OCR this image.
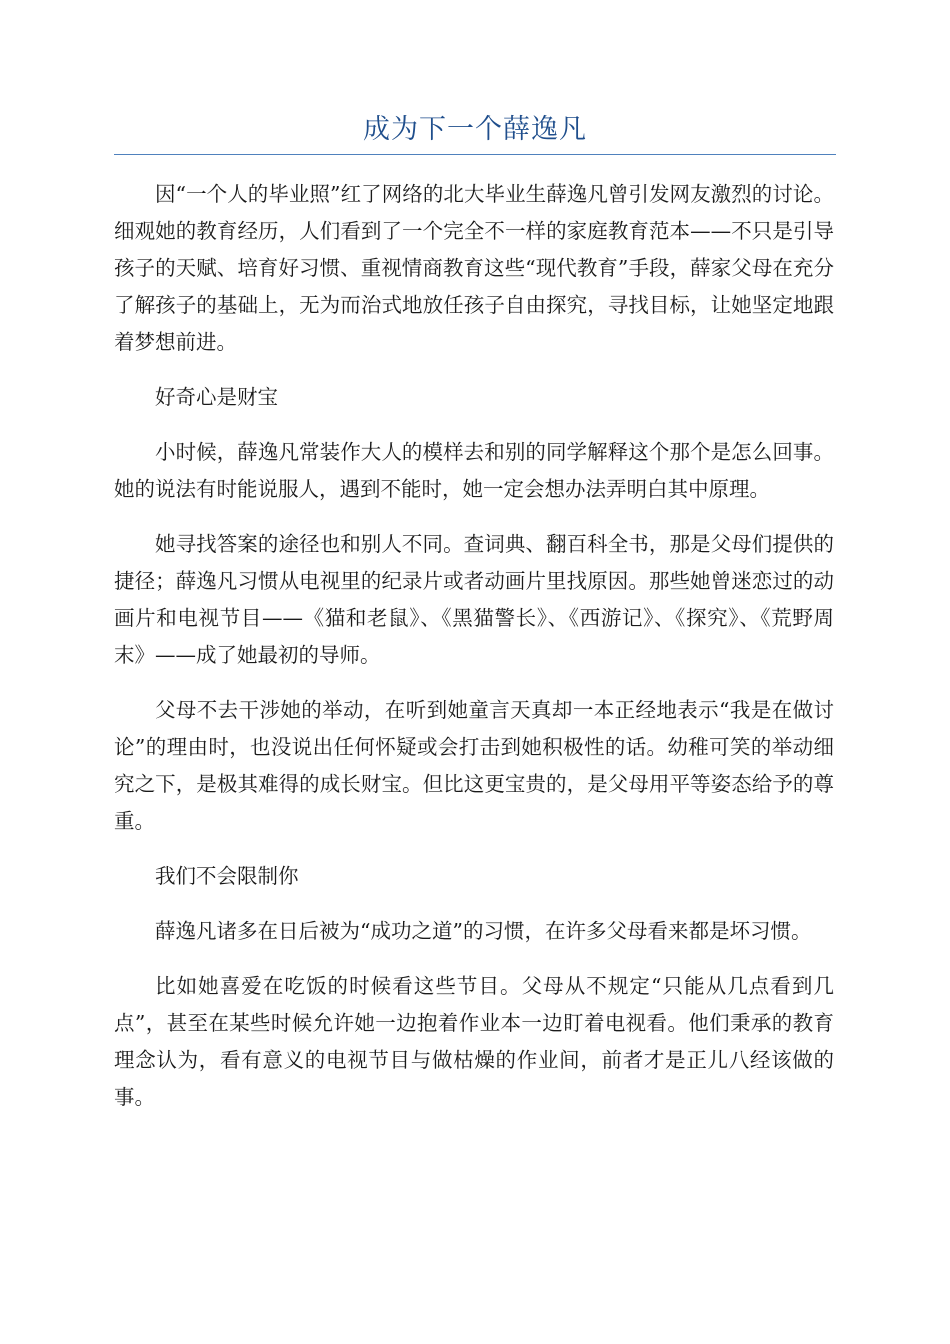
成为下一个薛逸凡

因“一个人的毕业照”红了网络的北大毕业生薛逸凡曾引发网友激烈的讨论。细观她的教育经历，人们看到了一个完全不一样的家庭教育范本——不只是引导孩子的天赋、培育好习惯、重视情商教育这些“现代教育”手段，薛家父母在充分了解孩子的基础上，无为而治式地放任孩子自由探究，寻找目标，让她坚定地跟着梦想前进。

好奇心是财宝

小时候，薛逸凡常装作大人的模样去和别的同学解释这个那个是怎么回事。她的说法有时能说服人，遇到不能时，她一定会想办法弄明白其中原理。

她寻找答案的途径也和别人不同。查词典、翻百科全书，那是父母们提供的捷径；薛逸凡习惯从电视里的纪录片或者动画片里找原因。那些她曾迷恋过的动画片和电视节目——《猫和老鼠》、《黑猫警长》、《西游记》、《探究》、《荒野周末》——成了她最初的导师。

父母不去干涉她的举动，在听到她童言天真却一本正经地表示“我是在做讨论”的理由时，也没说出任何怀疑或会打击到她积极性的话。幼稚可笑的举动细究之下，是极其难得的成长财宝。但比这更宝贵的，是父母用平等姿态给予的尊重。

我们不会限制你

薛逸凡诸多在日后被为“成功之道”的习惯，在许多父母看来都是坏习惯。

比如她喜爱在吃饭的时候看这些节目。父母从不规定“只能从几点看到几点”，甚至在某些时候允许她一边抱着作业本一边盯着电视看。他们秉承的教育理念认为，看有意义的电视节目与做枯燥的作业间，前者才是正儿八经该做的事。
